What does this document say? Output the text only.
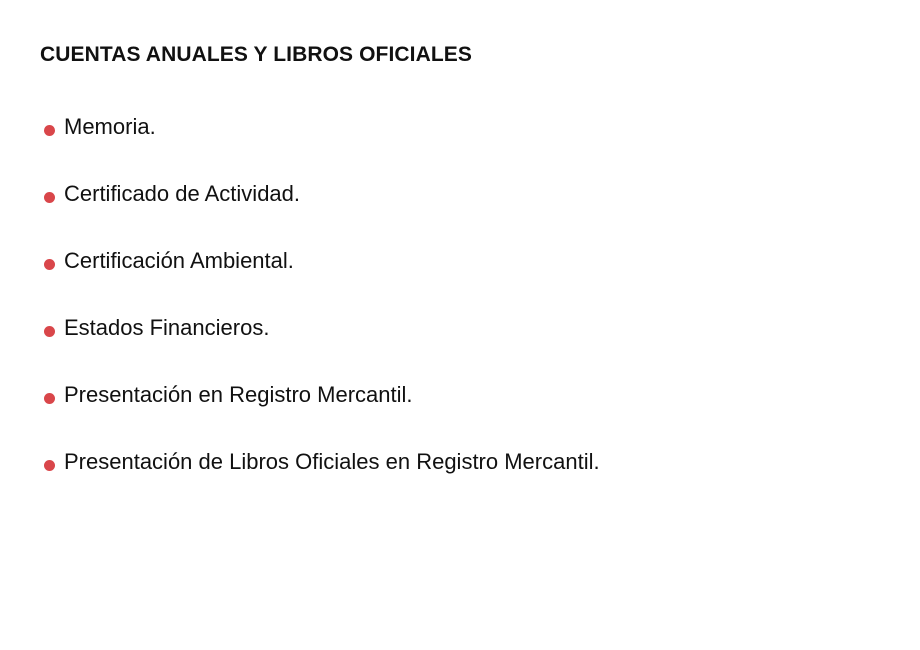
CUENTAS ANUALES Y LIBROS OFICIALES
Memoria.
Certificado de Actividad.
Certificación Ambiental.
Estados Financieros.
Presentación en Registro Mercantil.
Presentación de Libros Oficiales en Registro Mercantil.
